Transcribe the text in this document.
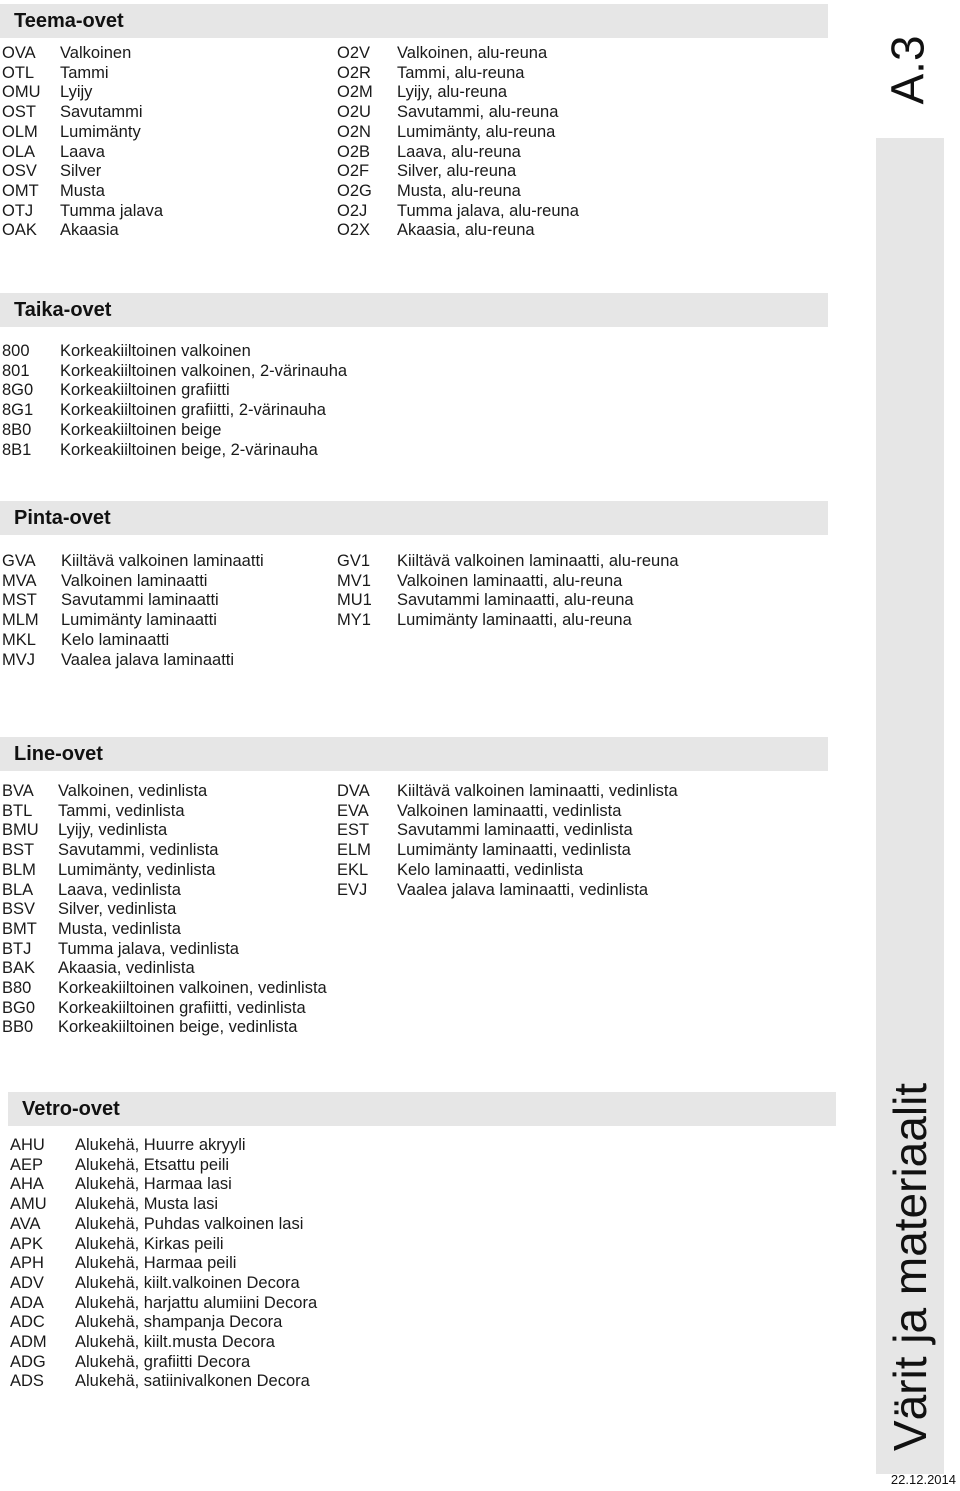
A.3
Värit ja materiaalit
22.12.2014
Teema-ovet
OVA	Valkoinen
OTL	Tammi
OMU	Lyijy
OST	Savutammi
OLM	Lumimänty
OLA	Laava
OSV	Silver
OMT	Musta
OTJ	Tumma jalava
OAK	Akaasia
O2V	Valkoinen, alu-reuna
O2R	Tammi, alu-reuna
O2M	Lyijy, alu-reuna
O2U	Savutammi, alu-reuna
O2N	Lumimänty, alu-reuna
O2B	Laava, alu-reuna
O2F	Silver, alu-reuna
O2G	Musta, alu-reuna
O2J	Tumma jalava, alu-reuna
O2X	Akaasia, alu-reuna
Taika-ovet
800	Korkeakiiltoinen valkoinen
801	Korkeakiiltoinen valkoinen, 2-värinauha
8G0	Korkeakiiltoinen grafiitti
8G1	Korkeakiiltoinen grafiitti, 2-värinauha
8B0	Korkeakiiltoinen beige
8B1	Korkeakiiltoinen beige, 2-värinauha
Pinta-ovet
GVA	Kiiltävä valkoinen laminaatti
MVA	Valkoinen laminaatti
MST	Savutammi laminaatti
MLM	Lumimänty laminaatti
MKL	Kelo laminaatti
MVJ	Vaalea jalava laminaatti
GV1	Kiiltävä valkoinen laminaatti, alu-reuna
MV1	Valkoinen laminaatti, alu-reuna
MU1	Savutammi laminaatti, alu-reuna
MY1	Lumimänty laminaatti, alu-reuna
Line-ovet
BVA	Valkoinen, vedinlista
BTL	Tammi, vedinlista
BMU	Lyijy, vedinlista
BST	Savutammi, vedinlista
BLM	Lumimänty, vedinlista
BLA	Laava, vedinlista
BSV	Silver, vedinlista
BMT	Musta, vedinlista
BTJ	Tumma jalava, vedinlista
BAK	Akaasia, vedinlista
B80	Korkeakiiltoinen valkoinen, vedinlista
BG0	Korkeakiiltoinen grafiitti, vedinlista
BB0	Korkeakiiltoinen beige, vedinlista
DVA	Kiiltävä valkoinen laminaatti, vedinlista
EVA	Valkoinen laminaatti, vedinlista
EST	Savutammi laminaatti, vedinlista
ELM	Lumimänty laminaatti, vedinlista
EKL	Kelo laminaatti, vedinlista
EVJ	Vaalea jalava laminaatti, vedinlista
Vetro-ovet
AHU	Alukehä, Huurre akryyli
AEP	Alukehä, Etsattu peili
AHA	Alukehä, Harmaa lasi
AMU	Alukehä, Musta lasi
AVA	Alukehä, Puhdas valkoinen lasi
APK	Alukehä, Kirkas peili
APH	Alukehä, Harmaa peili
ADV	Alukehä, kiilt.valkoinen Decora
ADA	Alukehä, harjattu alumiini Decora
ADC	Alukehä, shampanja Decora
ADM	Alukehä, kiilt.musta Decora
ADG	Alukehä, grafiitti Decora
ADS	Alukehä, satiinivalkonen Decora
